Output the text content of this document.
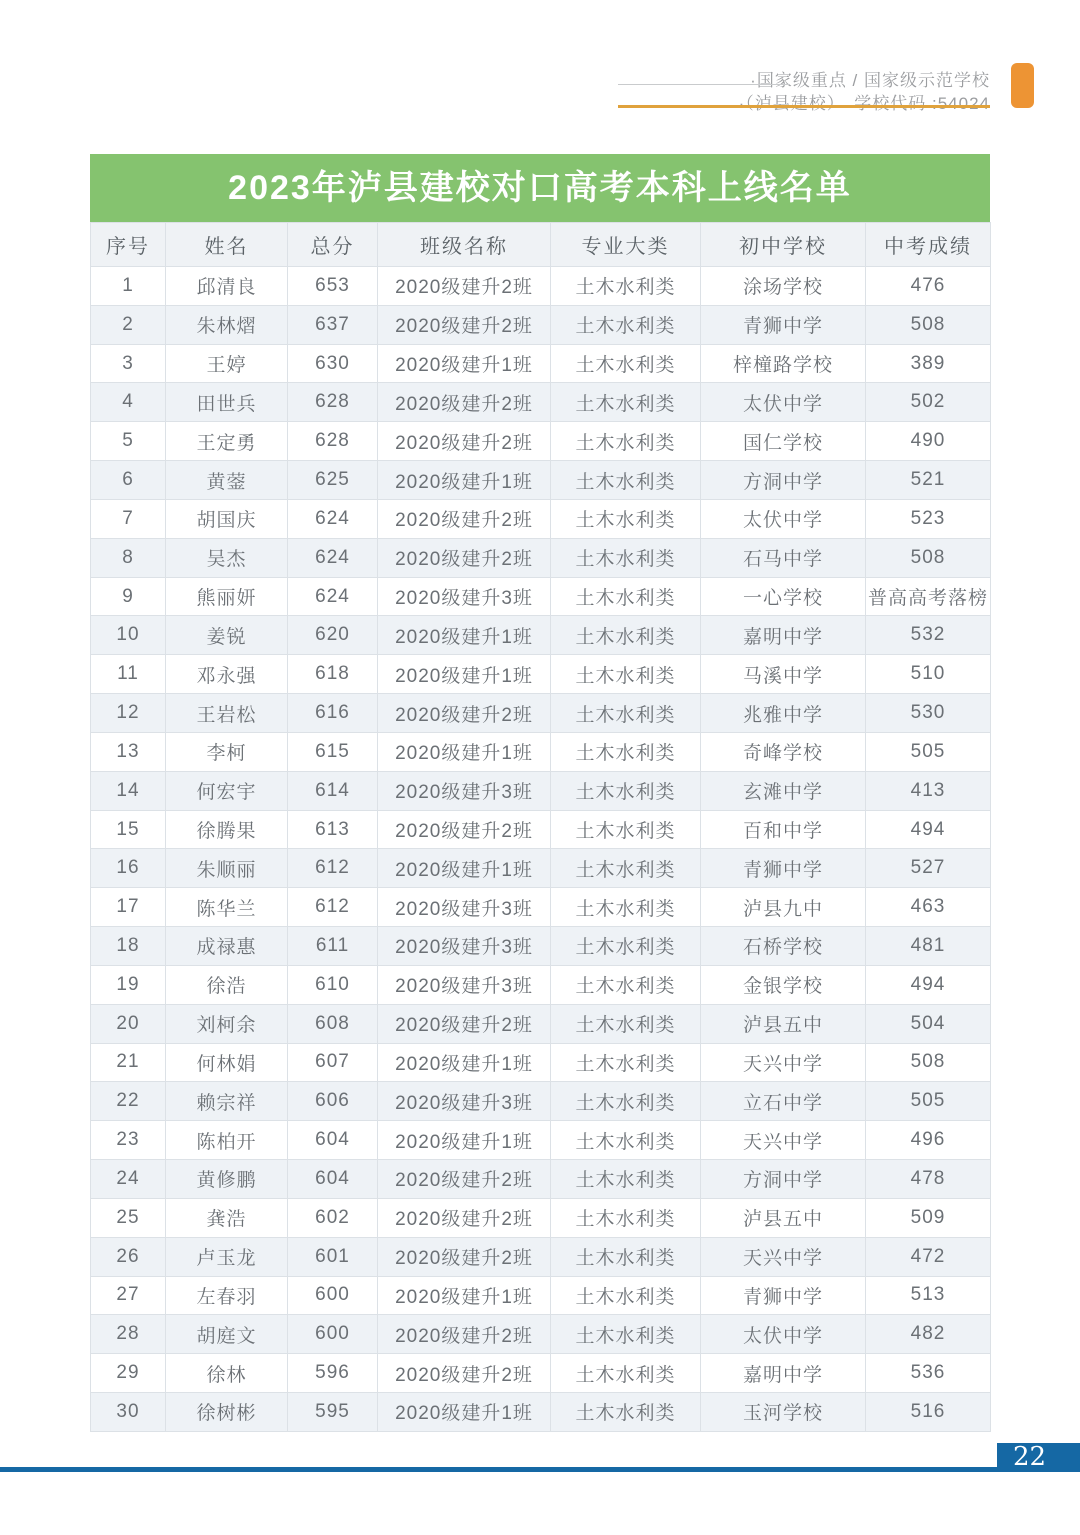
·国家级重点 / 国家级示范学校
·（泸县建校）　学校代码 :54024
2023年泸县建校对口高考本科上线名单
序号	姓名	总分	班级名称	专业大类	初中学校	中考成绩
1	邱清良	653	2020级建升2班	土木水利类	涂场学校	476
2	朱林熠	637	2020级建升2班	土木水利类	青狮中学	508
3	王婷	630	2020级建升1班	土木水利类	梓橦路学校	389
4	田世兵	628	2020级建升2班	土木水利类	太伏中学	502
5	王定勇	628	2020级建升2班	土木水利类	国仁学校	490
6	黄蓥	625	2020级建升1班	土木水利类	方洞中学	521
7	胡国庆	624	2020级建升2班	土木水利类	太伏中学	523
8	吴杰	624	2020级建升2班	土木水利类	石马中学	508
9	熊丽妍	624	2020级建升3班	土木水利类	一心学校	普高高考落榜
10	姜锐	620	2020级建升1班	土木水利类	嘉明中学	532
11	邓永强	618	2020级建升1班	土木水利类	马溪中学	510
12	王岩松	616	2020级建升2班	土木水利类	兆雅中学	530
13	李柯	615	2020级建升1班	土木水利类	奇峰学校	505
14	何宏宇	614	2020级建升3班	土木水利类	玄滩中学	413
15	徐腾果	613	2020级建升2班	土木水利类	百和中学	494
16	朱顺丽	612	2020级建升1班	土木水利类	青狮中学	527
17	陈华兰	612	2020级建升3班	土木水利类	泸县九中	463
18	成禄惠	611	2020级建升3班	土木水利类	石桥学校	481
19	徐浩	610	2020级建升3班	土木水利类	金银学校	494
20	刘柯余	608	2020级建升2班	土木水利类	泸县五中	504
21	何林娟	607	2020级建升1班	土木水利类	天兴中学	508
22	赖宗祥	606	2020级建升3班	土木水利类	立石中学	505
23	陈柏开	604	2020级建升1班	土木水利类	天兴中学	496
24	黄修鹏	604	2020级建升2班	土木水利类	方洞中学	478
25	龚浩	602	2020级建升2班	土木水利类	泸县五中	509
26	卢玉龙	601	2020级建升2班	土木水利类	天兴中学	472
27	左春羽	600	2020级建升1班	土木水利类	青狮中学	513
28	胡庭文	600	2020级建升2班	土木水利类	太伏中学	482
29	徐林	596	2020级建升2班	土木水利类	嘉明中学	536
30	徐树彬	595	2020级建升1班	土木水利类	玉河学校	516
22
